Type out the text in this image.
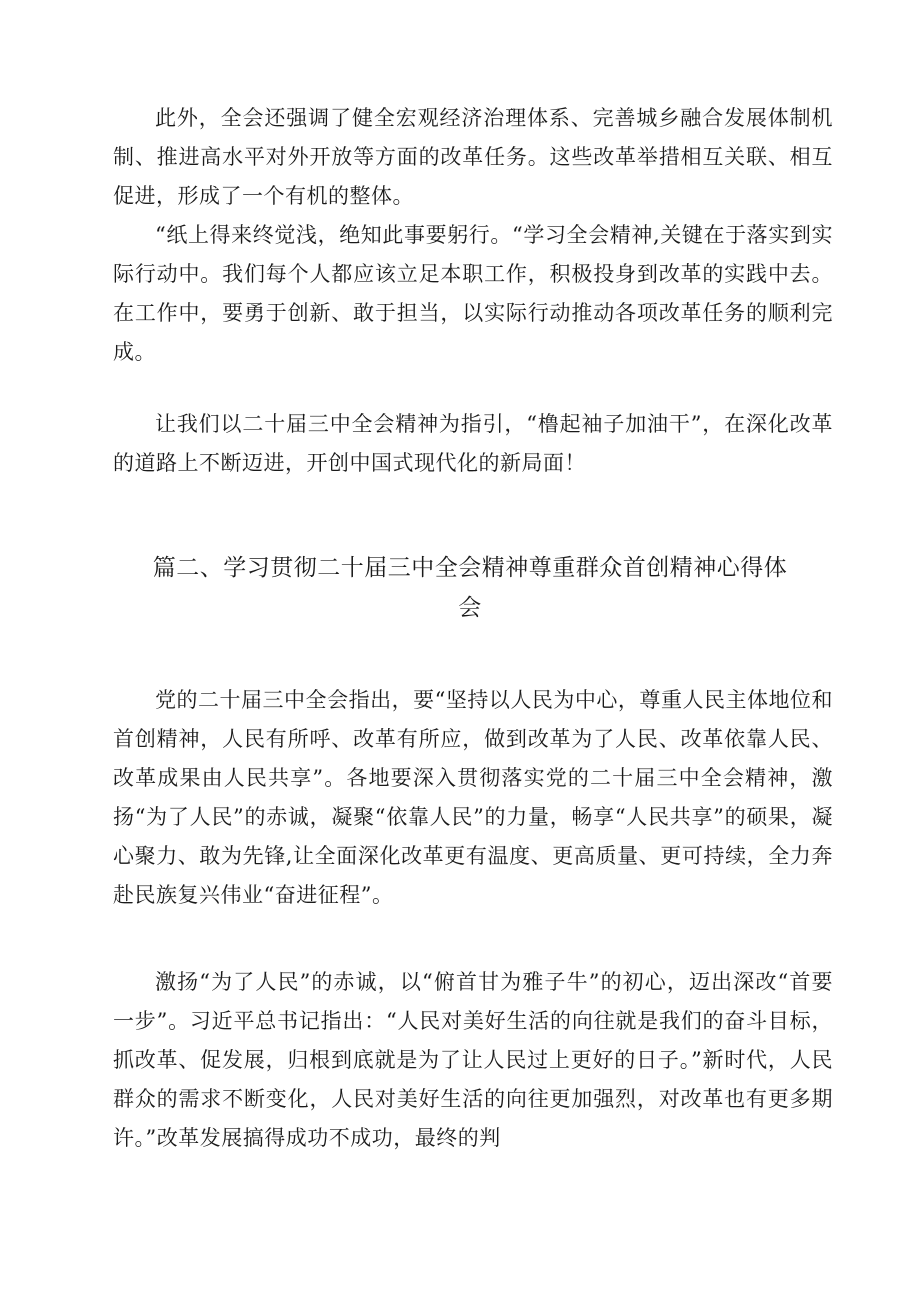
此外，全会还强调了健全宏观经济治理体系、完善城乡融合发展体制机制、推进高水平对外开放等方面的改革任务。这些改革举措相互关联、相互促进，形成了一个有机的整体。

“纸上得来终觉浅，绝知此事要躬行。“学习全会精神,关键在于落实到实际行动中。我们每个人都应该立足本职工作，积极投身到改革的实践中去。在工作中，要勇于创新、敢于担当，以实际行动推动各项改革任务的顺利完成。

让我们以二十届三中全会精神为指引，“橹起袖子加油干”，在深化改革的道路上不断迈进，开创中国式现代化的新局面！

篇二、学习贯彻二十届三中全会精神尊重群众首创精神心得体会

党的二十届三中全会指出，要“坚持以人民为中心，尊重人民主体地位和首创精神，人民有所呼、改革有所应，做到改革为了人民、改革依靠人民、改革成果由人民共享”。各地要深入贯彻落实党的二十届三中全会精神，激扬“为了人民”的赤诚，凝聚“依靠人民”的力量，畅享“人民共享”的硕果，凝心聚力、敢为先锋,让全面深化改革更有温度、更高质量、更可持续，全力奔赴民族复兴伟业“奋进征程”。

激扬“为了人民”的赤诚，以“俯首甘为雅子牛”的初心，迈出深改“首要一步”。习近平总书记指出：“人民对美好生活的向往就是我们的奋斗目标，抓改革、促发展，归根到底就是为了让人民过上更好的日子。”新时代，人民群众的需求不断变化，人民对美好生活的向往更加强烈，对改革也有更多期许。”改革发展搞得成功不成功，最终的判
